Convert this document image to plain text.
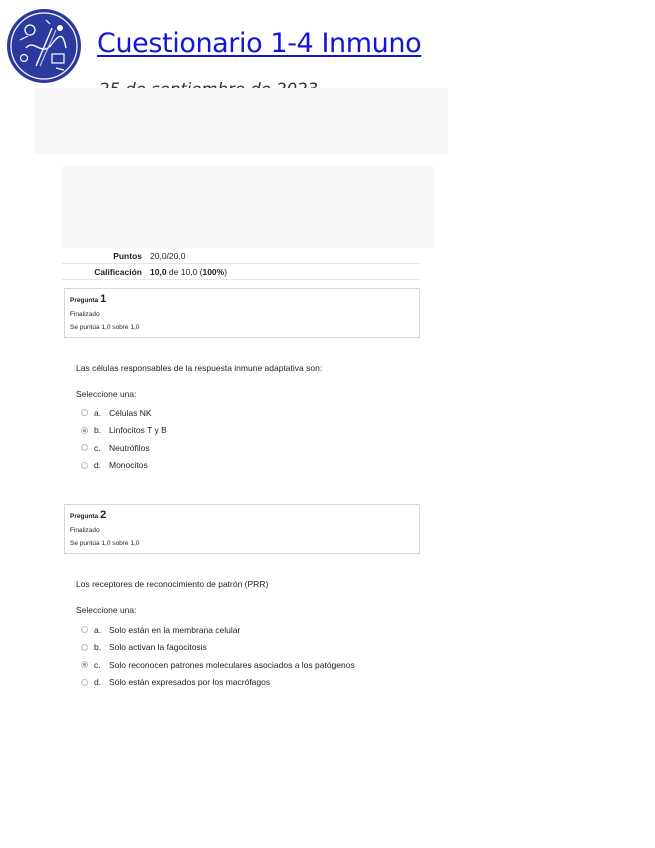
Cuestionario 1-4 Inmuno
Puntos 20,0/20,0
Calificación 10,0 de 10,0 (100%)
Pregunta 1
Finalizado
Se puntúa 1,0 sobre 1,0
Las células responsables de la respuesta inmune adaptativa son:
Seleccione una:
a. Células NK
b. Linfocitos T y B
c. Neutrófilos
d. Monocitos
Pregunta 2
Finalizado
Se puntúa 1,0 sobre 1,0
Los receptores de reconocimiento de patrón (PRR)
Seleccione una:
a. Solo están en la membrana celular
b. Solo activan la fagocitosis
c. Solo reconocen patrones moleculares asociados a los patógenos
d. Sólo están expresados por los macrófagos
